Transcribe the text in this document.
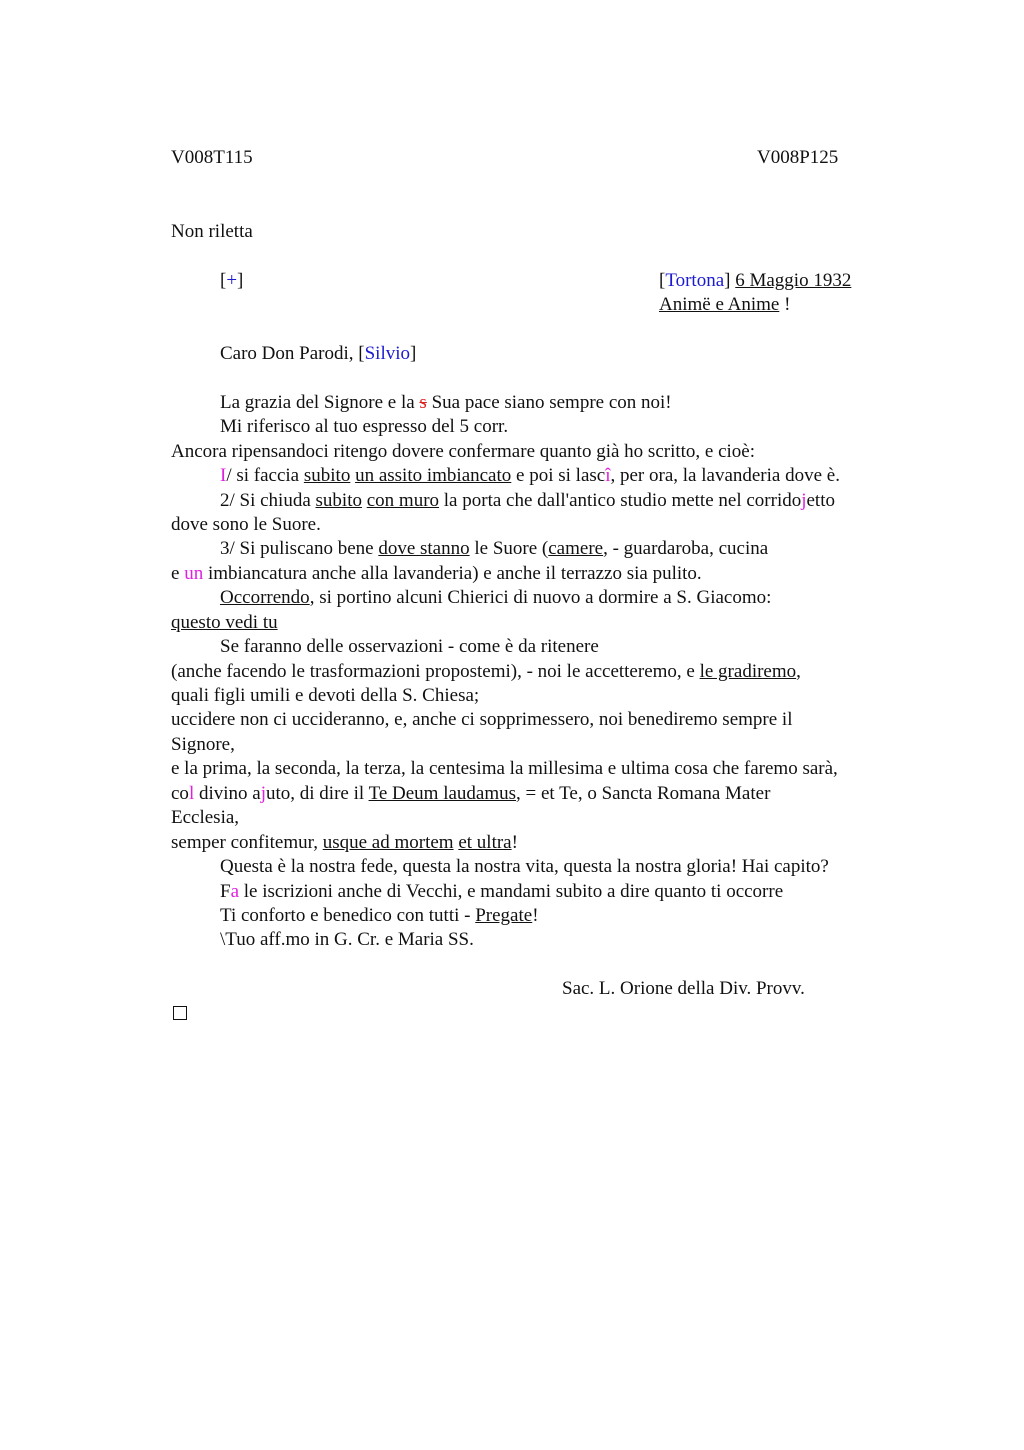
V008T115	V008P125
Non riletta
[+]	[Tortona] 6 Maggio 1932
Animë e Anime !
Caro Don Parodi, [Silvio]
La grazia del Signore e la s Sua pace siano sempre con noi!
Mi riferisco al tuo espresso del 5 corr.
Ancora ripensandoci ritengo dovere confermare quanto già ho scritto, e cioè:
I/ si faccia subito un assito imbiancato e poi si lascî, per ora, la lavanderia dove è.
2/ Si chiuda subito con muro la porta che dall'antico studio mette nel corridojetto
dove sono le Suore.
3/ Si puliscano bene dove stanno le Suore (camere, - guardaroba, cucina
e un imbiancatura anche alla lavanderia) e anche il terrazzo sia pulito.
Occorrendo, si portino alcuni Chierici di nuovo a dormire a S. Giacomo:
questo vedi tu
Se faranno delle osservazioni - come è da ritenere
(anche facendo le trasformazioni propostemi), - noi le accetteremo, e le gradiremo,
quali figli umili e devoti della S. Chiesa;
uccidere non ci uccideranno, e, anche ci sopprimessero, noi benediremo sempre il
Signore,
e la prima, la seconda, la terza, la centesima la millesima e ultima cosa che faremo sarà,
col divino ajuto, di dire il Te Deum laudamus, = et Te, o Sancta Romana Mater
Ecclesia,
semper confitemur, usque ad mortem et ultra!
Questa è la nostra fede, questa la nostra vita, questa la nostra gloria! Hai capito?
Fa le iscrizioni anche di Vecchi, e mandami subito a dire quanto ti occorre
Ti conforto e benedico con tutti - Pregate!
\Tuo aff.mo in G. Cr. e Maria SS.
Sac. L. Orione della Div. Provv.
